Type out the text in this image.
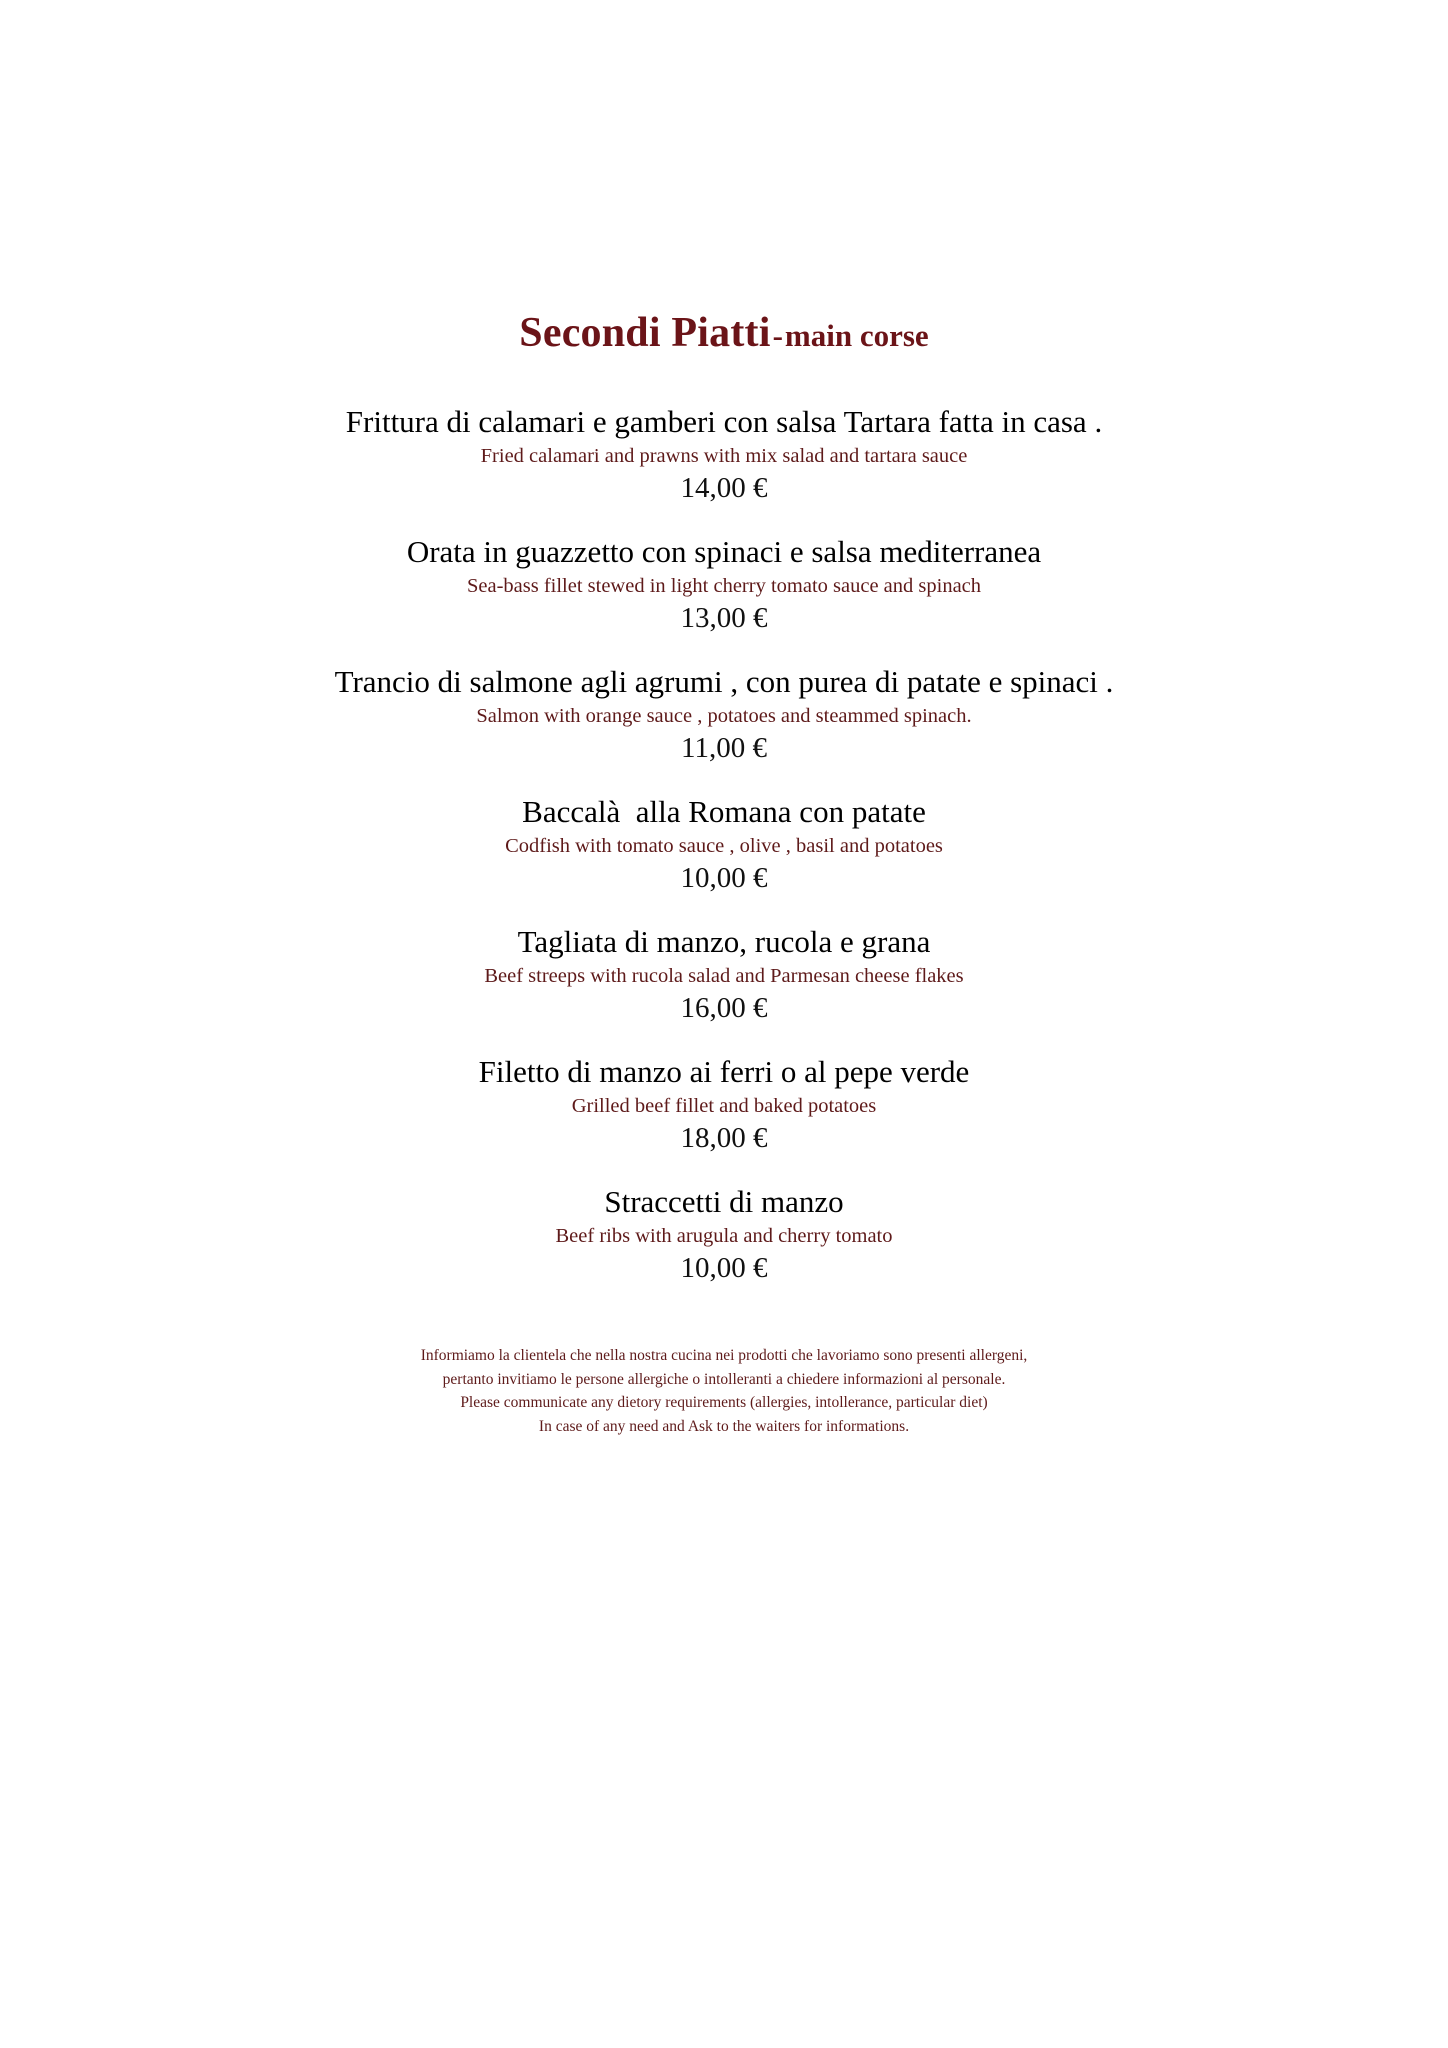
Secondi Piatti-main corse
Frittura di calamari e gamberi con salsa Tartara fatta in casa .
Fried calamari and prawns with mix salad and tartara sauce
14,00 €
Orata in guazzetto con spinaci e salsa mediterranea
Sea-bass fillet stewed in light cherry tomato sauce and spinach
13,00 €
Trancio di salmone agli agrumi , con purea di patate e spinaci .
Salmon with orange sauce , potatoes and steammed spinach.
11,00 €
Baccalà  alla Romana con patate
Codfish with tomato sauce , olive , basil and potatoes
10,00 €
Tagliata di manzo, rucola e grana
Beef streeps with rucola salad and Parmesan cheese flakes
16,00 €
Filetto di manzo ai ferri o al pepe verde
Grilled beef fillet and baked potatoes
18,00 €
Straccetti di manzo
Beef ribs with arugula and cherry tomato
10,00 €
Informiamo la clientela che nella nostra cucina nei prodotti che lavoriamo sono presenti allergeni,
pertanto invitiamo le persone allergiche o intolleranti a chiedere informazioni al personale.
Please communicate any dietory requirements (allergies, intollerance, particular diet)
In case of any need and Ask to the waiters for informations.
